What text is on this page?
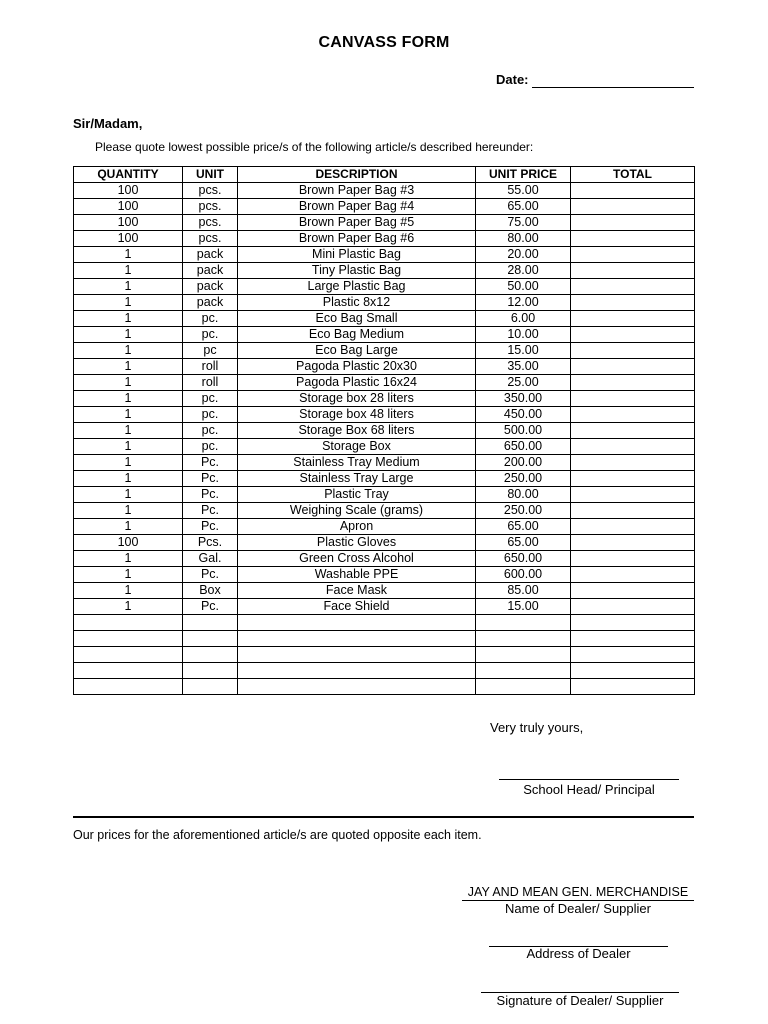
CANVASS FORM
Date:
Sir/Madam,
Please quote lowest possible price/s of the following article/s described hereunder:
QUANTITY	UNIT	DESCRIPTION	UNIT PRICE	TOTAL
100	pcs.	Brown Paper Bag #3	55.00	
100	pcs.	Brown Paper Bag #4	65.00	
100	pcs.	Brown Paper Bag #5	75.00	
100	pcs.	Brown Paper Bag #6	80.00	
1	pack	Mini Plastic Bag	20.00	
1	pack	Tiny Plastic Bag	28.00	
1	pack	Large Plastic Bag	50.00	
1	pack	Plastic 8x12	12.00	
1	pc.	Eco Bag Small	6.00	
1	pc.	Eco Bag Medium	10.00	
1	pc	Eco Bag Large	15.00	
1	roll	Pagoda Plastic 20x30	35.00	
1	roll	Pagoda Plastic 16x24	25.00	
1	pc.	Storage box 28 liters	350.00	
1	pc.	Storage box 48 liters	450.00	
1	pc.	Storage Box 68 liters	500.00	
1	pc.	Storage Box	650.00	
1	Pc.	Stainless Tray Medium	200.00	
1	Pc.	Stainless Tray Large	250.00	
1	Pc.	Plastic Tray	80.00	
1	Pc.	Weighing Scale (grams)	250.00	
1	Pc.	Apron	65.00	
100	Pcs.	Plastic Gloves	65.00	
1	Gal.	Green Cross Alcohol	650.00	
1	Pc.	Washable PPE	600.00	
1	Box	Face Mask	85.00	
1	Pc.	Face Shield	15.00	

Very truly yours,
School Head/ Principal
Our prices for the aforementioned article/s are quoted opposite each item.
JAY AND MEAN GEN. MERCHANDISE
Name of Dealer/ Supplier
Address of Dealer
Signature of Dealer/ Supplier
